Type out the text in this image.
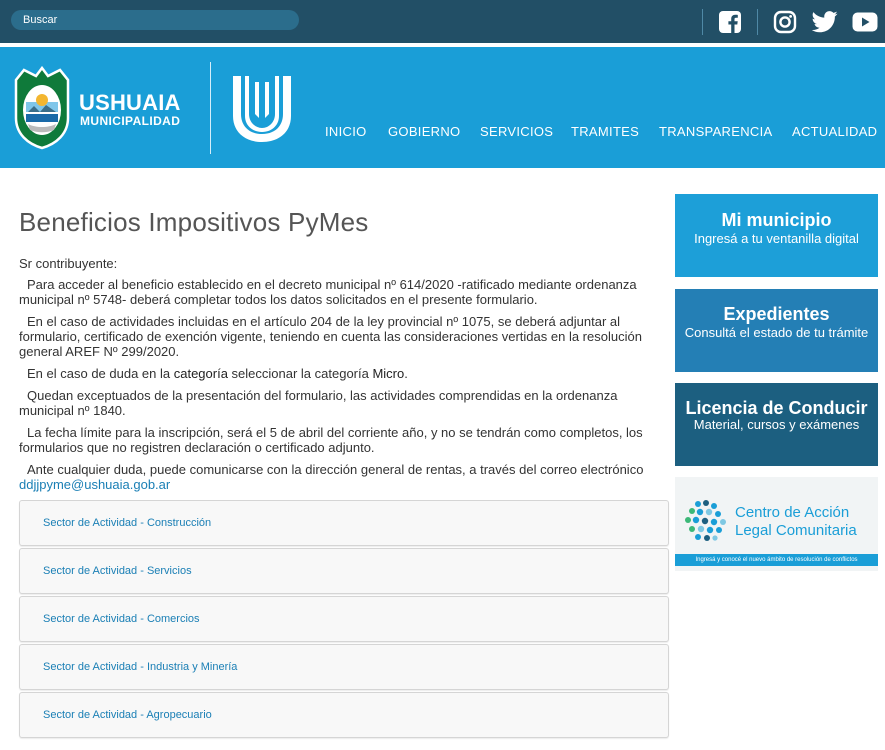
Buscar
USHUAIA
MUNICIPALIDAD
INICIO GOBIERNO SERVICIOS TRAMITES TRANSPARENCIA ACTUALIDAD
Beneficios Impositivos PyMes

Sr contribuyente:

Para acceder al beneficio establecido en el decreto municipal nº 614/2020 -ratificado mediante ordenanza municipal nº 5748- deberá completar todos los datos solicitados en el presente formulario.

En el caso de actividades incluidas en el artículo 204 de la ley provincial nº 1075, se deberá adjuntar al formulario, certificado de exención vigente, teniendo en cuenta las consideraciones vertidas en la resolución general AREF Nº 299/2020.

En el caso de duda en la categoría seleccionar la categoría Micro.

Quedan exceptuados de la presentación del formulario, las actividades comprendidas en la ordenanza municipal nº 1840.

La fecha límite para la inscripción, será el 5 de abril del corriente año, y no se tendrán como completos, los formularios que no registren declaración o certificado adjunto.

Ante cualquier duda, puede comunicarse con la dirección general de rentas, a través del correo electrónico

ddjjpyme@ushuaia.gob.ar

Sector de Actividad - Construcción
Sector de Actividad - Servicios
Sector de Actividad - Comercios
Sector de Actividad - Industria y Minería
Sector de Actividad - Agropecuario
Mi municipio
Ingresá a tu ventanilla digital
Expedientes
Consultá el estado de tu trámite
Licencia de Conducir
Material, cursos y exámenes
Centro de Acción
Legal Comunitaria
Ingresá y conocé el nuevo ámbito de resolución de conflictos
